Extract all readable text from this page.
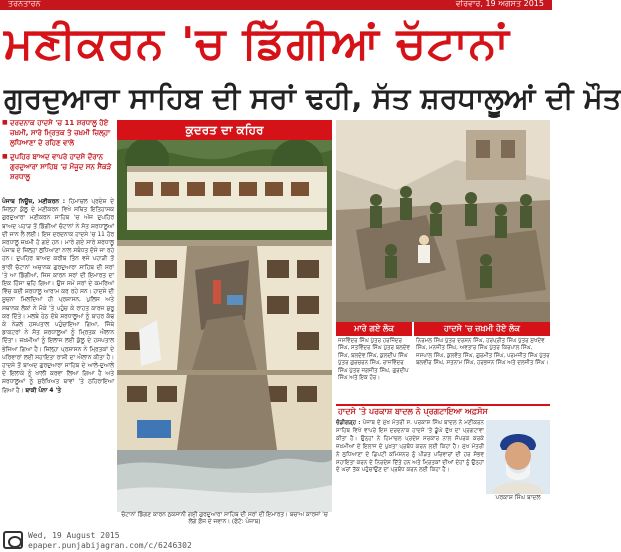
ਤਰਨਤਾਰਨ	ਵੀਰਵਾਰ, 19 ਅਗਸਤ 2015
ਮਣੀਕਰਨ 'ਚ ਡਿੱਗੀਆਂ ਚੱਟਾਨਾਂ
ਗੁਰਦੁਆਰਾ ਸਾਹਿਬ ਦੀ ਸਰਾਂ ਢਹੀ, ਸੱਤ ਸ਼ਰਧਾਲੂਆਂ ਦੀ ਮੌਤ
■ ਦਰਦਨਾਕ ਹਾਦਸੇ 'ਚ 11 ਸ਼ਰਧਾਲੂ ਹੋਏ ਜ਼ਖ਼ਮੀ, ਸਾਰੇ ਮ੍ਰਿਤਕ ਤੇ ਜ਼ਖ਼ਮੀ ਜ਼ਿਲ੍ਹਾ ਲੁਧਿਆਣਾ ਦੇ ਰਹਿਣ ਵਾਲੇ
■ ਦੁਪਹਿਰ ਬਾਅਦ ਵਾਪਰੇ ਹਾਦਸੇ ਦੌਰਾਨ ਗੁਰਦੁਆਰਾ ਸਾਹਿਬ 'ਚ ਮੌਜੂਦ ਸਨ ਸੈਂਕੜੇ ਸ਼ਰਧਾਲੂ
ਪੰਜਾਬ ਨਿਊਜ਼, ਮਣੀਕਰਨ : ਹਿਮਾਚਲ ਪ੍ਰਦੇਸ਼ ਦੇ ਜ਼ਿਲ੍ਹਾ ਕੁੱਲੂ ਦੇ ਮਣੀਕਰਨ ਵਿਖੇ ਸਥਿਤ ਇਤਿਹਾਸਕ ਗੁਰਦੁਆਰਾ ਮਣੀਕਰਨ ਸਾਹਿਬ 'ਚ ਅੱਜ ਦੁਪਹਿਰ ਬਾਅਦ ਪਹਾੜ ਤੋਂ ਡਿੱਗੀਆਂ ਚੱਟਾਨਾਂ ਨੇ ਸੱਤ ਸ਼ਰਧਾਲੂਆਂ ਦੀ ਜਾਨ ਲੈ ਲਈ। ਇਸ ਦਰਦਨਾਕ ਹਾਦਸੇ 'ਚ 11 ਹੋਰ ਸ਼ਰਧਾਲੂ ਜ਼ਖ਼ਮੀ ਹੋ ਗਏ ਹਨ। ਮਾਰੇ ਗਏ ਸਾਰੇ ਸ਼ਰਧਾਲੂ ਪੰਜਾਬ ਦੇ ਜ਼ਿਲ੍ਹਾ ਲੁਧਿਆਣਾ ਨਾਲ ਸਬੰਧਤ ਦੱਸੇ ਜਾ ਰਹੇ ਹਨ। ਦੁਪਹਿਰ ਬਾਅਦ ਕਰੀਬ ਤਿੰਨ ਵਜੇ ਪਹਾੜੀ ਤੋਂ ਭਾਰੀ ਚੱਟਾਨਾਂ ਅਚਾਨਕ ਗੁਰਦੁਆਰਾ ਸਾਹਿਬ ਦੀ ਸਰਾਂ 'ਤੇ ਆ ਡਿੱਗੀਆਂ, ਜਿਸ ਕਾਰਨ ਸਰਾਂ ਦੀ ਇਮਾਰਤ ਦਾ ਇਕ ਹਿੱਸਾ ਢਹਿ ਗਿਆ। ਉਸ ਸਮੇਂ ਸਰਾਂ ਦੇ ਕਮਰਿਆਂ ਵਿੱਚ ਕਈ ਸ਼ਰਧਾਲੂ ਆਰਾਮ ਕਰ ਰਹੇ ਸਨ। ਹਾਦਸੇ ਦੀ ਸੂਚਨਾ ਮਿਲਦਿਆਂ ਹੀ ਪ੍ਰਸ਼ਾਸਨ, ਪੁਲਿਸ ਅਤੇ ਸਥਾਨਕ ਲੋਕਾਂ ਨੇ ਮੌਕੇ 'ਤੇ ਪਹੁੰਚ ਕੇ ਰਾਹਤ ਕਾਰਜ ਸ਼ੁਰੂ ਕਰ ਦਿੱਤੇ। ਮਲਬੇ ਹੇਠ ਦੱਬੇ ਸ਼ਰਧਾਲੂਆਂ ਨੂੰ ਬਾਹਰ ਕੱਢ ਕੇ ਨੇੜਲੇ ਹਸਪਤਾਲ ਪਹੁੰਚਾਇਆ ਗਿਆ, ਜਿੱਥੇ ਡਾਕਟਰਾਂ ਨੇ ਸੱਤ ਸ਼ਰਧਾਲੂਆਂ ਨੂੰ ਮ੍ਰਿਤਕ ਐਲਾਨ ਦਿੱਤਾ। ਜ਼ਖ਼ਮੀਆਂ ਨੂੰ ਇਲਾਜ ਲਈ ਕੁੱਲੂ ਦੇ ਹਸਪਤਾਲ ਭੇਜਿਆ ਗਿਆ ਹੈ। ਜ਼ਿਲ੍ਹਾ ਪ੍ਰਸ਼ਾਸਨ ਨੇ ਮ੍ਰਿਤਕਾਂ ਦੇ ਪਰਿਵਾਰਾਂ ਲਈ ਸਹਾਇਤਾ ਰਾਸ਼ੀ ਦਾ ਐਲਾਨ ਕੀਤਾ ਹੈ। ਹਾਦਸੇ ਤੋਂ ਬਾਅਦ ਗੁਰਦੁਆਰਾ ਸਾਹਿਬ ਦੇ ਆਲੇ-ਦੁਆਲੇ ਦੇ ਇਲਾਕੇ ਨੂੰ ਖਾਲੀ ਕਰਵਾ ਲਿਆ ਗਿਆ ਹੈ ਅਤੇ ਸ਼ਰਧਾਲੂਆਂ ਨੂੰ ਸੁਰੱਖਿਅਤ ਥਾਵਾਂ 'ਤੇ ਠਹਿਰਾਇਆ ਗਿਆ ਹੈ। ਬਾਕੀ ਪੰਨਾ 4 'ਤੇ
ਕੁਦਰਤ ਦਾ ਕਹਿਰ
ਮਾਰੇ ਗਏ ਲੋਕ	ਹਾਦਸੇ 'ਚ ਜ਼ਖ਼ਮੀ ਹੋਏ ਲੋਕ
ਜਸਵਿੰਦਰ ਸਿੰਘ ਪੁੱਤਰ ਹਰਜਿੰਦਰ ਸਿੰਘ, ਸਤਵਿੰਦਰ ਸਿੰਘ ਪੁੱਤਰ ਬਲਦੇਵ ਸਿੰਘ, ਬਲਦੇਵ ਸਿੰਘ, ਕੁਲਦੀਪ ਸਿੰਘ ਪੁੱਤਰ ਗੁਰਚਰਨ ਸਿੰਘ, ਰਾਜਵਿੰਦਰ ਸਿੰਘ ਪੁੱਤਰ ਜਗਜੀਤ ਸਿੰਘ, ਗੁਰਦੀਪ ਸਿੰਘ ਅਤੇ ਇਕ ਹੋਰ।
ਨਿਰਮਲ ਸਿੰਘ ਪੁੱਤਰ ਦਰਸ਼ਨ ਸਿੰਘ, ਹਰਪ੍ਰੀਤ ਸਿੰਘ ਪੁੱਤਰ ਸੁਖਦੇਵ ਸਿੰਘ, ਮਨਜੀਤ ਸਿੰਘ, ਅਵਤਾਰ ਸਿੰਘ ਪੁੱਤਰ ਕਿਰਪਾਲ ਸਿੰਘ, ਜਸਪਾਲ ਸਿੰਘ, ਕੁਲਵੰਤ ਸਿੰਘ, ਗੁਰਮੀਤ ਸਿੰਘ, ਪਰਮਜੀਤ ਸਿੰਘ ਪੁੱਤਰ ਬਲਵੀਰ ਸਿੰਘ, ਸਤਨਾਮ ਸਿੰਘ, ਹਰਭਜਨ ਸਿੰਘ ਅਤੇ ਦਲਜੀਤ ਸਿੰਘ।
ਹਾਦਸੇ 'ਤੇ ਪਰਕਾਸ਼ ਬਾਦਲ ਨੇ ਪ੍ਰਗਟਾਇਆ ਅਫ਼ਸੋਸ
ਚੰਡੀਗੜ੍ਹ : ਪੰਜਾਬ ਦੇ ਮੁੱਖ ਮੰਤਰੀ ਸ. ਪਰਕਾਸ਼ ਸਿੰਘ ਬਾਦਲ ਨੇ ਮਣੀਕਰਨ ਸਾਹਿਬ ਵਿਖੇ ਵਾਪਰੇ ਇਸ ਦਰਦਨਾਕ ਹਾਦਸੇ 'ਤੇ ਡੂੰਘੇ ਦੁੱਖ ਦਾ ਪ੍ਰਗਟਾਵਾ ਕੀਤਾ ਹੈ। ਉਨ੍ਹਾਂ ਨੇ ਹਿਮਾਚਲ ਪ੍ਰਦੇਸ਼ ਸਰਕਾਰ ਨਾਲ ਸੰਪਰਕ ਕਰਕੇ ਜ਼ਖ਼ਮੀਆਂ ਦੇ ਇਲਾਜ ਦੇ ਪੁਖ਼ਤਾ ਪ੍ਰਬੰਧ ਕਰਨ ਲਈ ਕਿਹਾ ਹੈ। ਮੁੱਖ ਮੰਤਰੀ ਨੇ ਲੁਧਿਆਣਾ ਦੇ ਡਿਪਟੀ ਕਮਿਸ਼ਨਰ ਨੂੰ ਪੀੜਤ ਪਰਿਵਾਰਾਂ ਦੀ ਹਰ ਸੰਭਵ ਸਹਾਇਤਾ ਕਰਨ ਦੇ ਨਿਰਦੇਸ਼ ਦਿੱਤੇ ਹਨ ਅਤੇ ਮ੍ਰਿਤਕਾਂ ਦੀਆਂ ਦੇਹਾਂ ਨੂੰ ਉਨ੍ਹਾਂ ਦੇ ਘਰਾਂ ਤੱਕ ਪਹੁੰਚਾਉਣ ਦਾ ਪ੍ਰਬੰਧ ਕਰਨ ਲਈ ਕਿਹਾ ਹੈ।
ਪਰਕਾਸ਼ ਸਿੰਘ ਬਾਦਲ
ਚੱਟਾਨਾਂ ਡਿੱਗਣ ਕਾਰਨ ਨੁਕਸਾਨੀ ਗਈ ਗੁਰਦੁਆਰਾ ਸਾਹਿਬ ਦੀ ਸਰਾਂ ਦੀ ਇਮਾਰਤ। ਬਚਾਅ ਕਾਰਜਾਂ 'ਚ ਲੱਗੇ ਫ਼ੌਜ ਦੇ ਜਵਾਨ। (ਫੋਟੋ: ਪੰਜਾਬ)
Wed, 19 August 2015
epaper.punjabijagran.com/c/6246302
